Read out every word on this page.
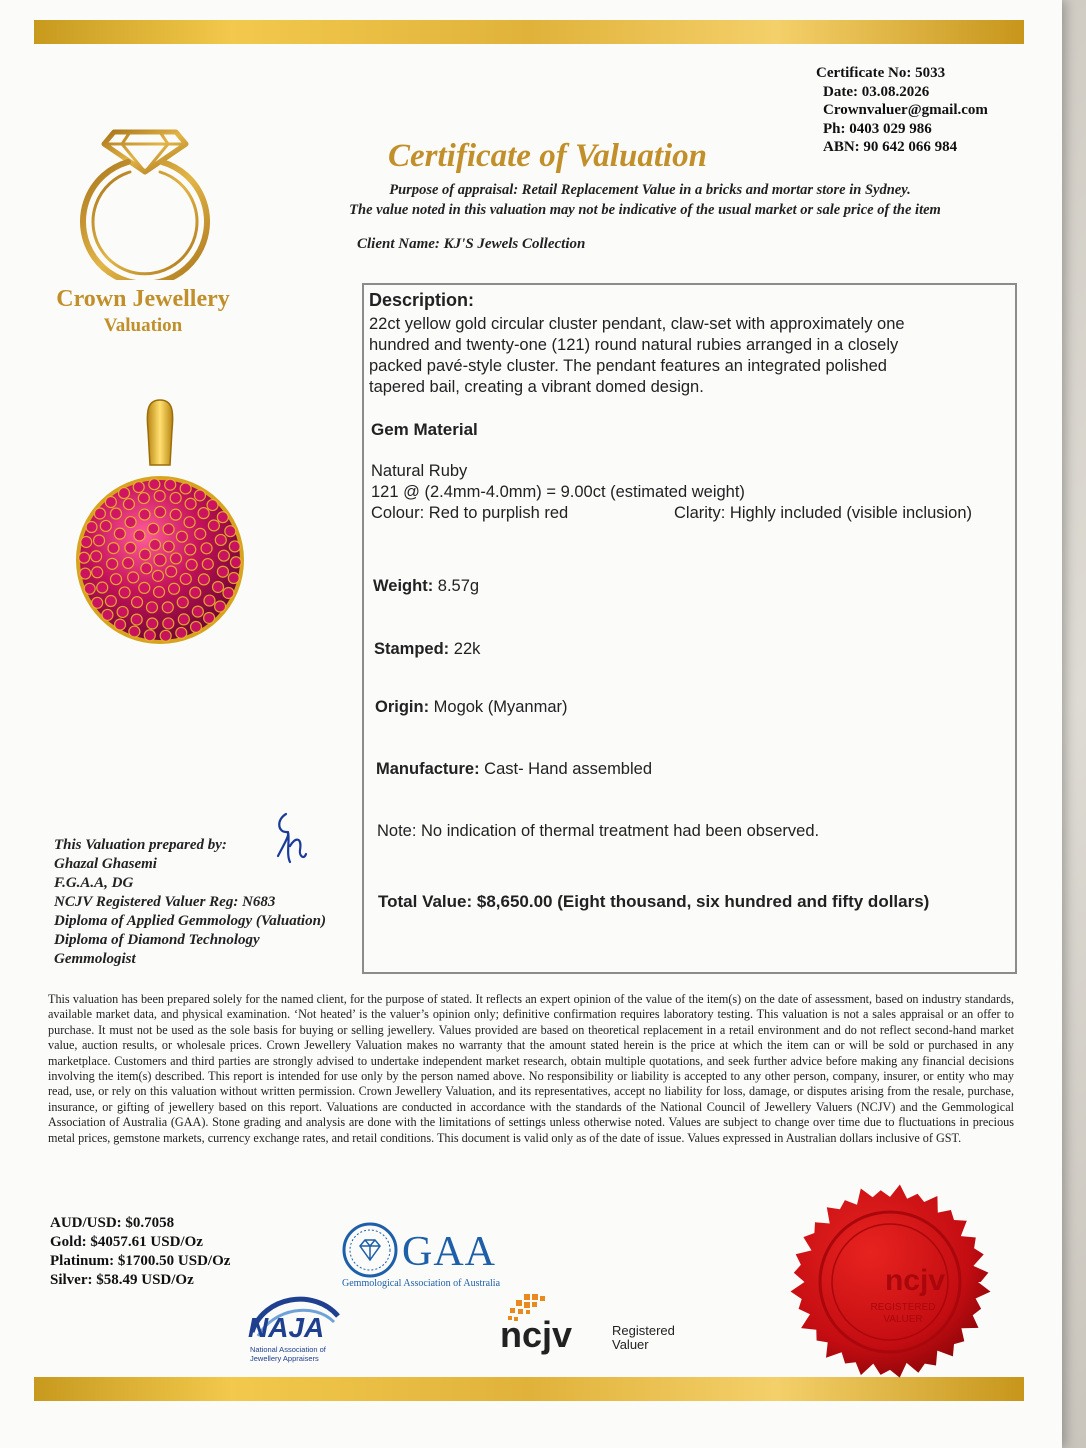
Certificate No: 5033
Date: 03.08.2026
Crownvaluer@gmail.com
Ph: 0403 029 986
ABN: 90 642 066 984
Certificate of Valuation
Purpose of appraisal: Retail Replacement Value in a bricks and mortar store in Sydney.
The value noted in this valuation may not be indicative of the usual market or sale price of the item
Client Name: KJ'S Jewels Collection
Crown Jewellery
Valuation
Description:
22ct yellow gold circular cluster pendant, claw-set with approximately one
hundred and twenty-one (121) round natural rubies arranged in a closely
packed pavé-style cluster. The pendant features an integrated polished
tapered bail, creating a vibrant domed design.
Gem Material
Natural Ruby
121 @ (2.4mm-4.0mm) = 9.00ct (estimated weight)
Colour: Red to purplish red	Clarity: Highly included (visible inclusion)
Weight: 8.57g
Stamped: 22k
Origin: Mogok (Myanmar)
Manufacture: Cast- Hand assembled
Note: No indication of thermal treatment had been observed.
Total Value: $8,650.00 (Eight thousand, six hundred and fifty dollars)
This Valuation prepared by:
Ghazal Ghasemi
F.G.A.A, DG
NCJV Registered Valuer Reg: N683
Diploma of Applied Gemmology (Valuation)
Diploma of Diamond Technology
Gemmologist
This valuation has been prepared solely for the named client, for the purpose of stated. It reflects an expert opinion of the value of the item(s) on the date of assessment, based on industry standards, available market data, and physical examination. ‘Not heated’ is the valuer’s opinion only; definitive confirmation requires laboratory testing. This valuation is not a sales appraisal or an offer to purchase. It must not be used as the sole basis for buying or selling jewellery. Values provided are based on theoretical replacement in a retail environment and do not reflect second-hand market value, auction results, or wholesale prices. Crown Jewellery Valuation makes no warranty that the amount stated herein is the price at which the item can or will be sold or purchased in any marketplace. Customers and third parties are strongly advised to undertake independent market research, obtain multiple quotations, and seek further advice before making any financial decisions involving the item(s) described. This report is intended for use only by the person named above. No responsibility or liability is accepted to any other person, company, insurer, or entity who may read, use, or rely on this valuation without written permission. Crown Jewellery Valuation, and its representatives, accept no liability for loss, damage, or disputes arising from the resale, purchase, insurance, or gifting of jewellery based on this report. Valuations are conducted in accordance with the standards of the National Council of Jewellery Valuers (NCJV) and the Gemmological Association of Australia (GAA). Stone grading and analysis are done with the limitations of settings unless otherwise noted. Values are subject to change over time due to fluctuations in precious metal prices, gemstone markets, currency exchange rates, and retail conditions. This document is valid only as of the date of issue. Values expressed in Australian dollars inclusive of GST.
AUD/USD: $0.7058
Gold: $4057.61 USD/Oz
Platinum: $1700.50 USD/Oz
Silver: $58.49 USD/Oz
GAA
Gemmological Association of Australia
NAJA
National Association of
Jewellery Appraisers
ncjv	Registered
Valuer
ncjv
REGISTERED
VALUER
